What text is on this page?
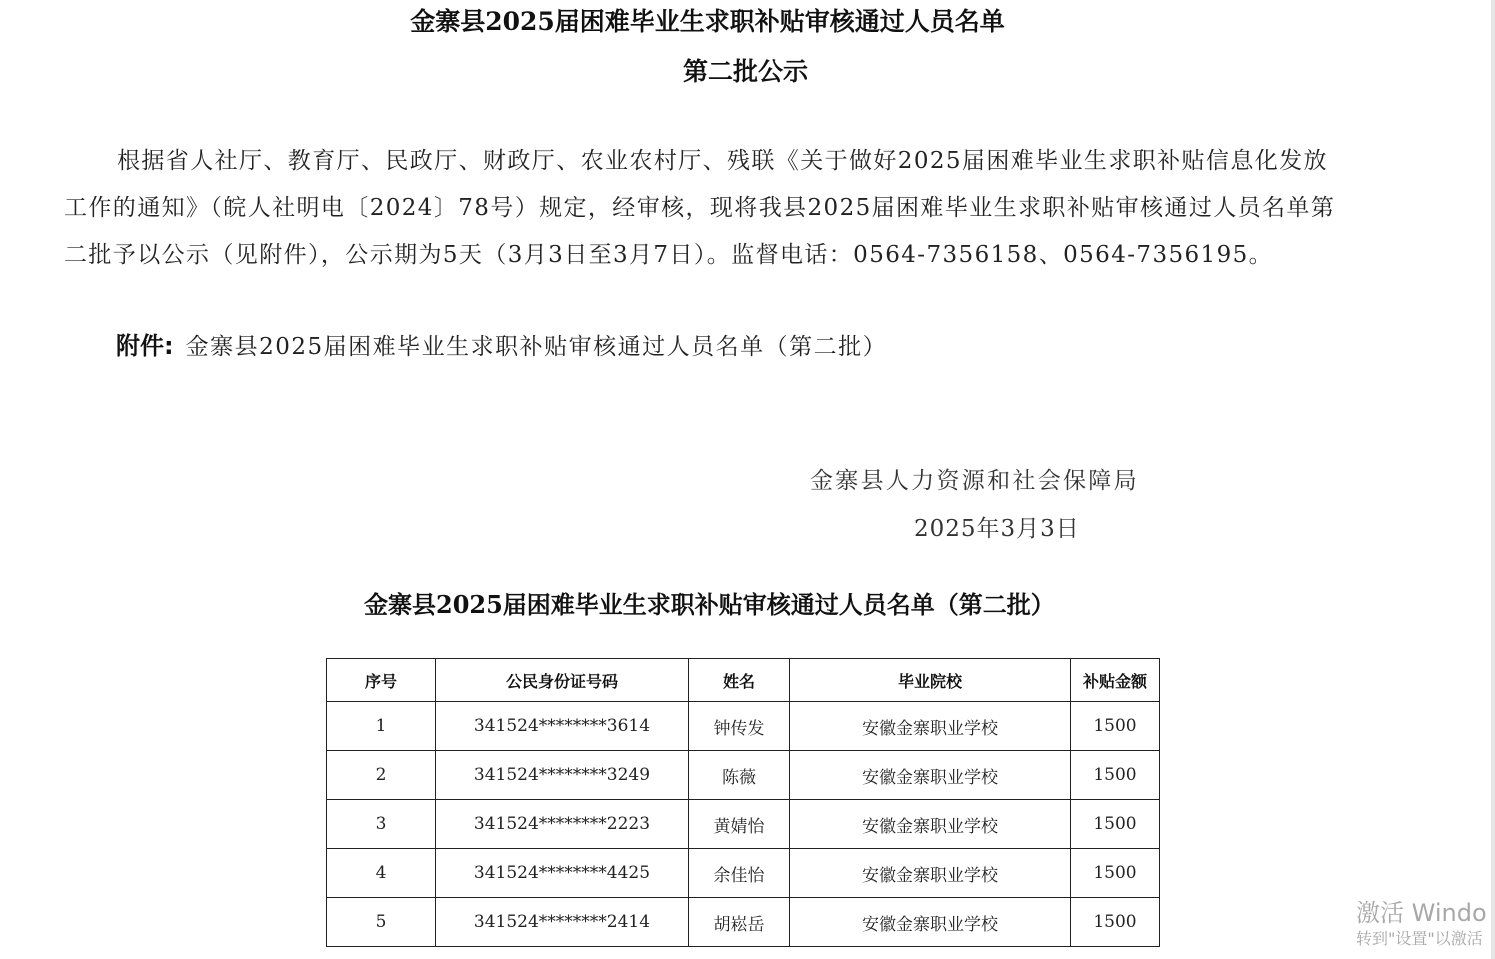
金寨县2025届困难毕业生求职补贴审核通过人员名单
第二批公示
根据省人社厅、教育厅、民政厅、财政厅、农业农村厅、残联《关于做好2025届困难毕业生求职补贴信息化发放
工作的通知》（皖人社明电〔2024〕78号）规定，经审核，现将我县2025届困难毕业生求职补贴审核通过人员名单第
二批予以公示（见附件），公示期为5天（3月3日至3月7日）。监督电话：0564-7356158、0564-7356195。
附件: 金寨县2025届困难毕业生求职补贴审核通过人员名单（第二批）
金寨县人力资源和社会保障局
2025年3月3日
金寨县2025届困难毕业生求职补贴审核通过人员名单（第二批）
序号	公民身份证号码	姓名	毕业院校	补贴金额
1	341524********3614	钟传发	安徽金寨职业学校	1500
2	341524********3249	陈薇	安徽金寨职业学校	1500
3	341524********2223	黄婧怡	安徽金寨职业学校	1500
4	341524********4425	余佳怡	安徽金寨职业学校	1500
5	341524********2414	胡崧岳	安徽金寨职业学校	1500	激活 Windo
转到"设置"以激活
